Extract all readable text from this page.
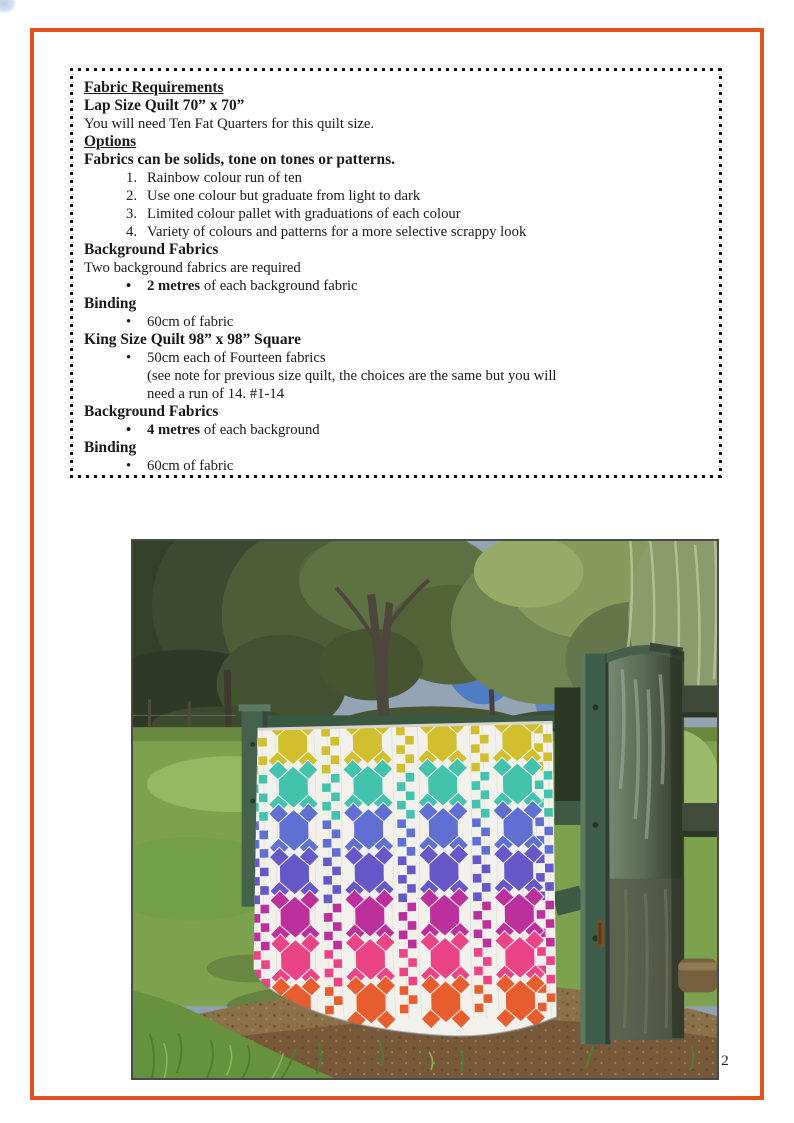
Fabric Requirements
Lap Size Quilt 70” x 70”
You will need Ten Fat Quarters for this quilt size.
Options
Fabrics can be solids, tone on tones or patterns.
1. Rainbow colour run of ten
2. Use one colour but graduate from light to dark
3. Limited colour pallet with graduations of each colour
4. Variety of colours and patterns for a more selective scrappy look
Background Fabrics
Two background fabrics are required
•	2 metres of each background fabric
Binding
•	60cm of fabric
King Size Quilt 98” x 98” Square
•	50cm each of Fourteen fabrics
(see note for previous size quilt, the choices are the same but you will
need a run of 14. #1-14
Background Fabrics
•	4 metres of each background
Binding
•	60cm of fabric
2
